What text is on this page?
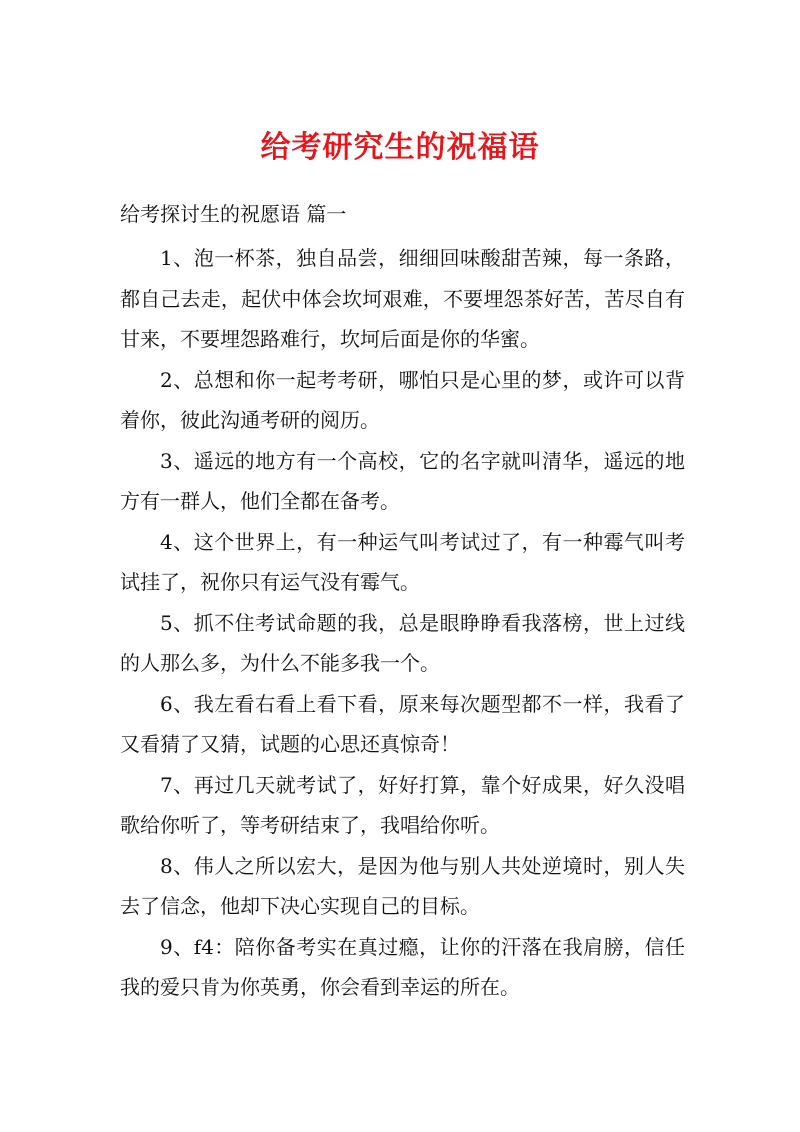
给考研究生的祝福语
给考探讨生的祝愿语 篇一

1、泡一杯茶，独自品尝，细细回味酸甜苦辣，每一条路，都自己去走，起伏中体会坎坷艰难，不要埋怨茶好苦，苦尽自有甘来，不要埋怨路难行，坎坷后面是你的华蜜。

2、总想和你一起考考研，哪怕只是心里的梦，或许可以背着你，彼此沟通考研的阅历。

3、遥远的地方有一个高校，它的名字就叫清华，遥远的地方有一群人，他们全都在备考。

4、这个世界上，有一种运气叫考试过了，有一种霉气叫考试挂了，祝你只有运气没有霉气。

5、抓不住考试命题的我，总是眼睁睁看我落榜，世上过线的人那么多，为什么不能多我一个。

6、我左看右看上看下看，原来每次题型都不一样，我看了又看猜了又猜，试题的心思还真惊奇！

7、再过几天就考试了，好好打算，靠个好成果，好久没唱歌给你听了，等考研结束了，我唱给你听。

8、伟人之所以宏大，是因为他与别人共处逆境时，别人失去了信念，他却下决心实现自己的目标。

9、f4：陪你备考实在真过瘾，让你的汗落在我肩膀，信任我的爱只肯为你英勇，你会看到幸运的所在。
